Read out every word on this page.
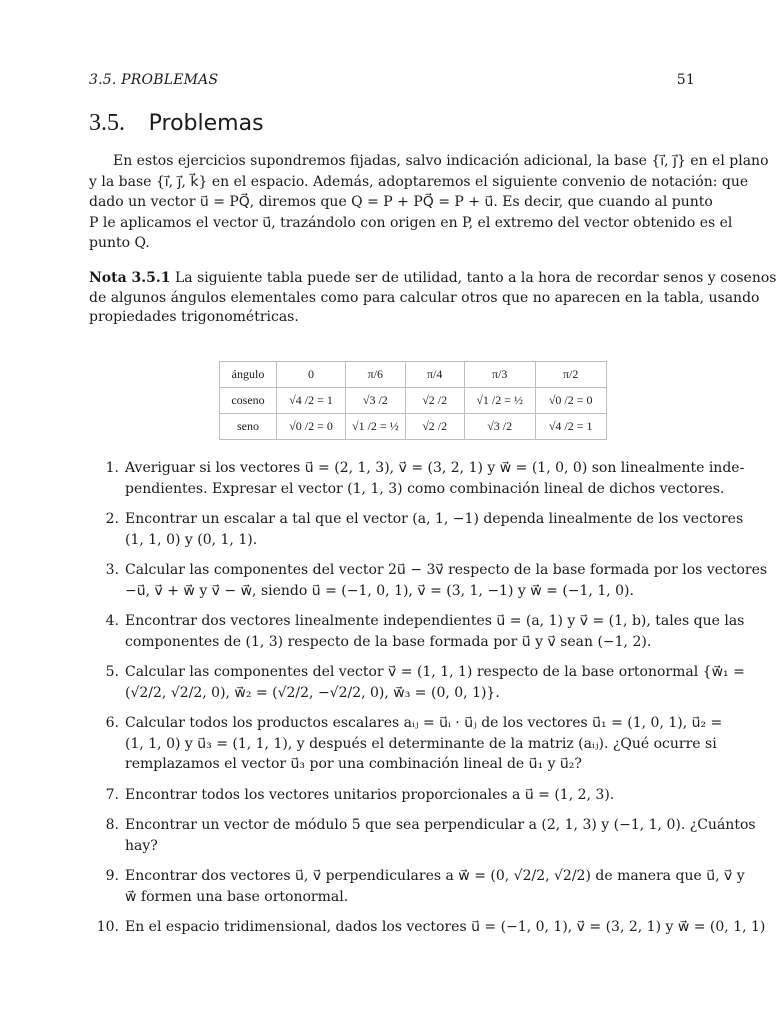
3.5. PROBLEMAS	51
3.5. Problemas
En estos ejercicios supondremos fijadas, salvo indicación adicional, la base {i⃗, j⃗} en el plano
y la base {i⃗, j⃗, k⃗} en el espacio. Además, adoptaremos el siguiente convenio de notación: que
dado un vector u⃗ = PQ⃗, diremos que Q = P + PQ⃗ = P + u⃗. Es decir, que cuando al punto
P le aplicamos el vector u⃗, trazándolo con origen en P, el extremo del vector obtenido es el
punto Q.
Nota 3.5.1 La siguiente tabla puede ser de utilidad, tanto a la hora de recordar senos y cosenos
de algunos ángulos elementales como para calcular otros que no aparecen en la tabla, usando
propiedades trigonométricas.
ángulo	0	π/6	π/4	π/3	π/2
coseno	√4 /2 = 1	√3 /2	√2 /2	√1 /2 = ½	√0 /2 = 0
seno	√0 /2 = 0	√1 /2 = ½	√2 /2	√3 /2	√4 /2 = 1
1. Averiguar si los vectores u⃗ = (2, 1, 3), v⃗ = (3, 2, 1) y w⃗ = (1, 0, 0) son linealmente inde-
pendientes. Expresar el vector (1, 1, 3) como combinación lineal de dichos vectores.
2. Encontrar un escalar a tal que el vector (a, 1, −1) dependa linealmente de los vectores
(1, 1, 0) y (0, 1, 1).
3. Calcular las componentes del vector 2u⃗ − 3v⃗ respecto de la base formada por los vectores
−u⃗, v⃗ + w⃗ y v⃗ − w⃗, siendo u⃗ = (−1, 0, 1), v⃗ = (3, 1, −1) y w⃗ = (−1, 1, 0).
4. Encontrar dos vectores linealmente independientes u⃗ = (a, 1) y v⃗ = (1, b), tales que las
componentes de (1, 3) respecto de la base formada por u⃗ y v⃗ sean (−1, 2).
5. Calcular las componentes del vector v⃗ = (1, 1, 1) respecto de la base ortonormal {w⃗₁ =
(√2/2, √2/2, 0), w⃗₂ = (√2/2, −√2/2, 0), w⃗₃ = (0, 0, 1)}.
6. Calcular todos los productos escalares aᵢⱼ = u⃗ᵢ · u⃗ⱼ de los vectores u⃗₁ = (1, 0, 1), u⃗₂ =
(1, 1, 0) y u⃗₃ = (1, 1, 1), y después el determinante de la matriz (aᵢⱼ). ¿Qué ocurre si
remplazamos el vector u⃗₃ por una combinación lineal de u⃗₁ y u⃗₂?
7. Encontrar todos los vectores unitarios proporcionales a u⃗ = (1, 2, 3).
8. Encontrar un vector de módulo 5 que sea perpendicular a (2, 1, 3) y (−1, 1, 0). ¿Cuántos
hay?
9. Encontrar dos vectores u⃗, v⃗ perpendiculares a w⃗ = (0, √2/2, √2/2) de manera que u⃗, v⃗ y
w⃗ formen una base ortonormal.
10. En el espacio tridimensional, dados los vectores u⃗ = (−1, 0, 1), v⃗ = (3, 2, 1) y w⃗ = (0, 1, 1)
